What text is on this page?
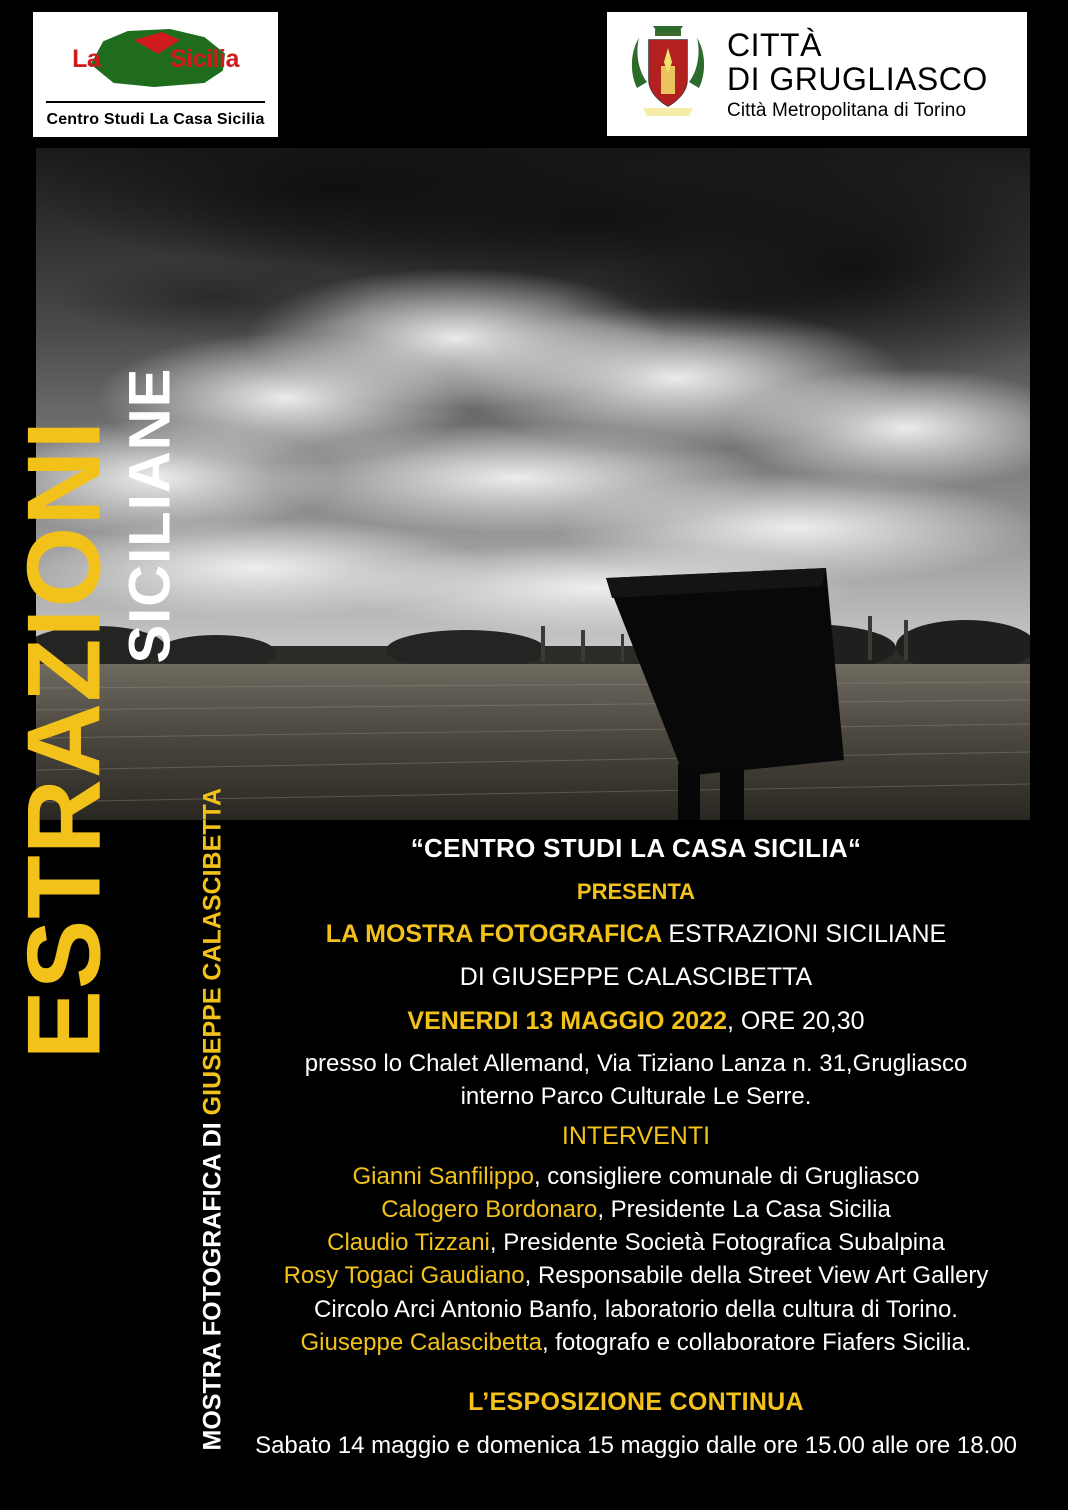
La Casa Sicilia
Centro Studi La Casa Sicilia
CITTÀ
DI GRUGLIASCO
Città Metropolitana di Torino
ESTRAZIONI
SICILIANE
MOSTRA FOTOGRAFICA DI GIUSEPPE CALASCIBETTA	“CENTRO STUDI LA CASA SICILIA“
PRESENTA
LA MOSTRA FOTOGRAFICA ESTRAZIONI SICILIANE
DI GIUSEPPE CALASCIBETTA
VENERDI 13 MAGGIO 2022, ORE 20,30
presso lo Chalet Allemand, Via Tiziano Lanza n. 31,Grugliasco
interno Parco Culturale Le Serre.
INTERVENTI
Gianni Sanfilippo, consigliere comunale di Grugliasco
Calogero Bordonaro, Presidente La Casa Sicilia
Claudio Tizzani, Presidente Società Fotografica Subalpina
Rosy Togaci Gaudiano, Responsabile della Street View Art Gallery
Circolo Arci Antonio Banfo, laboratorio della cultura di Torino.
Giuseppe Calascibetta, fotografo e collaboratore Fiafers Sicilia.
L’ESPOSIZIONE CONTINUA
Sabato 14 maggio e domenica 15 maggio dalle ore 15.00 alle ore 18.00
